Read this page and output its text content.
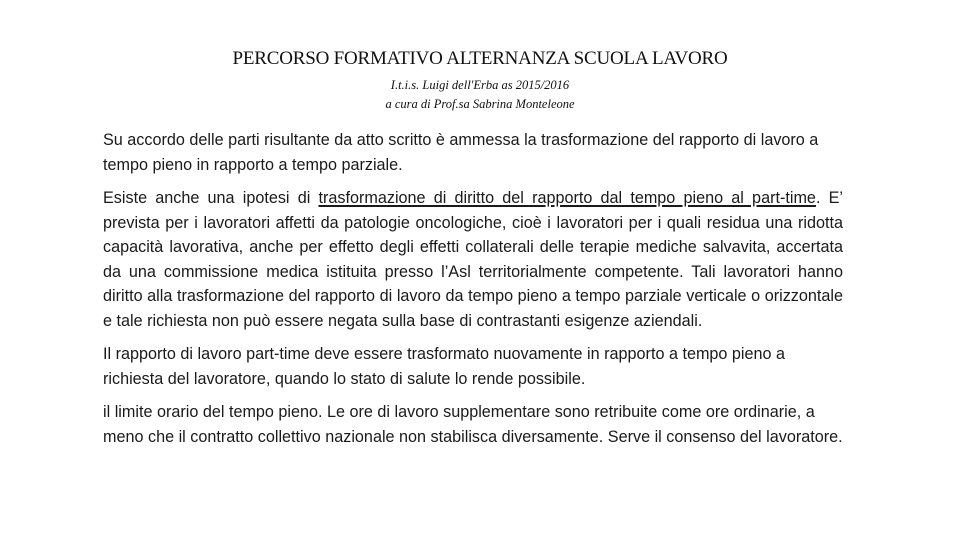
PERCORSO FORMATIVO ALTERNANZA SCUOLA LAVORO
I.t.i.s. Luigi dell'Erba as 2015/2016
a cura di Prof.sa Sabrina Monteleone

Su accordo delle parti risultante da atto scritto è ammessa la trasformazione del rapporto di lavoro a tempo pieno in rapporto a tempo parziale.

Esiste anche una ipotesi di trasformazione di diritto del rapporto dal tempo pieno al part-time. E’ prevista per i lavoratori affetti da patologie oncologiche, cioè i lavoratori per i quali residua una ridotta capacità lavorativa, anche per effetto degli effetti collaterali delle terapie mediche salvavita, accertata da una commissione medica istituita presso l’Asl territorialmente competente. Tali lavoratori hanno diritto alla trasformazione del rapporto di lavoro da tempo pieno a tempo parziale verticale o orizzontale e tale richiesta non può essere negata sulla base di contrastanti esigenze aziendali.

Il rapporto di lavoro part-time deve essere trasformato nuovamente in rapporto a tempo pieno a richiesta del lavoratore, quando lo stato di salute lo rende possibile.

il limite orario del tempo pieno. Le ore di lavoro supplementare sono retribuite come ore ordinarie, a meno che il contratto collettivo nazionale non stabilisca diversamente. Serve il consenso del lavoratore.
